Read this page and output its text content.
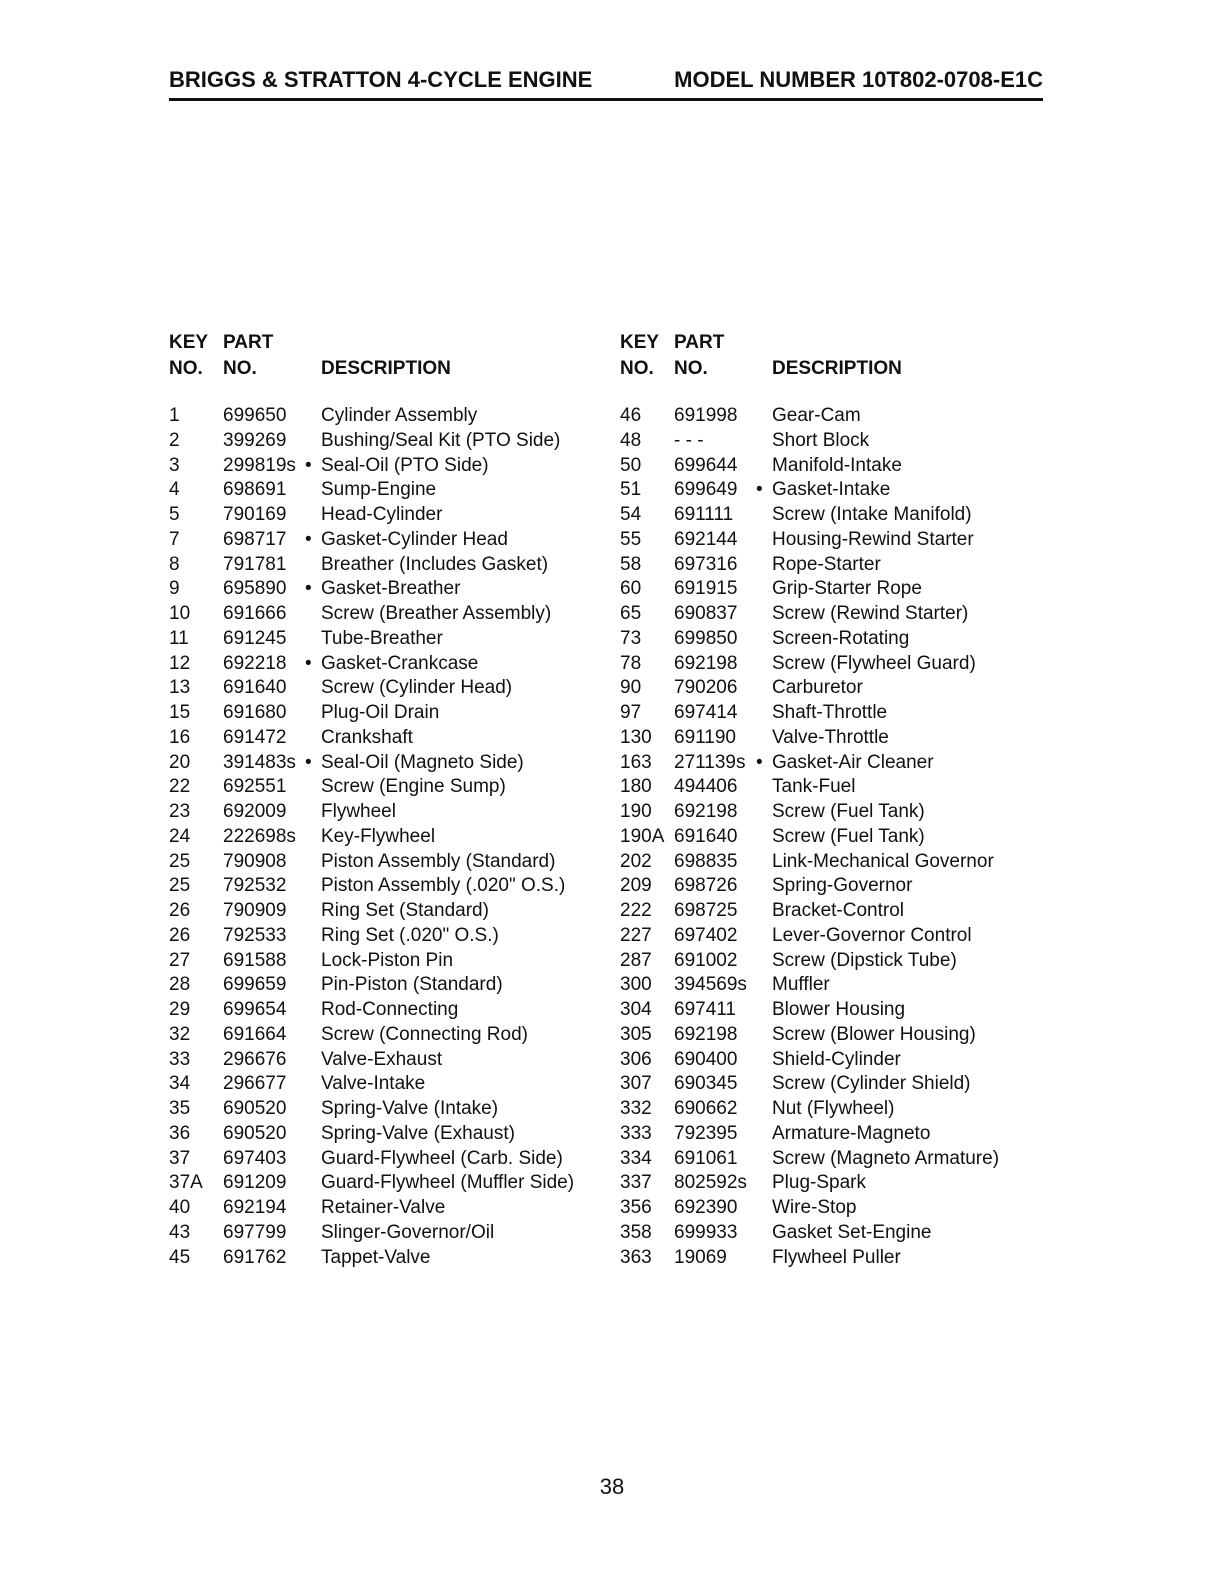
BRIGGS & STRATTON 4-CYCLE ENGINE	MODEL NUMBER 10T802-0708-E1C
KEY PART
NO. NO.	DESCRIPTION
1 699650 Cylinder Assembly
2 399269 Bushing/Seal Kit (PTO Side)
3 299819s • Seal-Oil (PTO Side)
4 698691 Sump-Engine
5 790169 Head-Cylinder
7 698717 • Gasket-Cylinder Head
8 791781 Breather (Includes Gasket)
9 695890 • Gasket-Breather
10 691666 Screw (Breather Assembly)
11 691245 Tube-Breather
12 692218 • Gasket-Crankcase
13 691640 Screw (Cylinder Head)
15 691680 Plug-Oil Drain
16 691472 Crankshaft
20 391483s • Seal-Oil (Magneto Side)
22 692551 Screw (Engine Sump)
23 692009 Flywheel
24 222698s Key-Flywheel
25 790908 Piston Assembly (Standard)
25 792532 Piston Assembly (.020" O.S.)
26 790909 Ring Set (Standard)
26 792533 Ring Set (.020" O.S.)
27 691588 Lock-Piston Pin
28 699659 Pin-Piston (Standard)
29 699654 Rod-Connecting
32 691664 Screw (Connecting Rod)
33 296676 Valve-Exhaust
34 296677 Valve-Intake
35 690520 Spring-Valve (Intake)
36 690520 Spring-Valve (Exhaust)
37 697403 Guard-Flywheel (Carb. Side)
37A 691209 Guard-Flywheel (Muffler Side)
40 692194 Retainer-Valve
43 697799 Slinger-Governor/Oil
45 691762 Tappet-Valve
KEY PART
NO. NO.	DESCRIPTION
46 691998 Gear-Cam
48 - - -	Short Block
50 699644 Manifold-Intake
51 699649 • Gasket-Intake
54 691111 Screw (Intake Manifold)
55 692144 Housing-Rewind Starter
58 697316 Rope-Starter
60 691915 Grip-Starter Rope
65 690837 Screw (Rewind Starter)
73 699850 Screen-Rotating
78 692198 Screw (Flywheel Guard)
90 790206 Carburetor
97 697414 Shaft-Throttle
130 691190 Valve-Throttle
163 271139s • Gasket-Air Cleaner
180 494406 Tank-Fuel
190 692198 Screw (Fuel Tank)
190A 691640 Screw (Fuel Tank)
202 698835 Link-Mechanical Governor
209 698726 Spring-Governor
222 698725 Bracket-Control
227 697402 Lever-Governor Control
287 691002 Screw (Dipstick Tube)
300 394569s Muffler
304 697411 Blower Housing
305 692198 Screw (Blower Housing)
306 690400 Shield-Cylinder
307 690345 Screw (Cylinder Shield)
332 690662 Nut (Flywheel)
333 792395 Armature-Magneto
334 691061 Screw (Magneto Armature)
337 802592s Plug-Spark
356 692390 Wire-Stop
358 699933 Gasket Set-Engine
363 19069 Flywheel Puller
38
